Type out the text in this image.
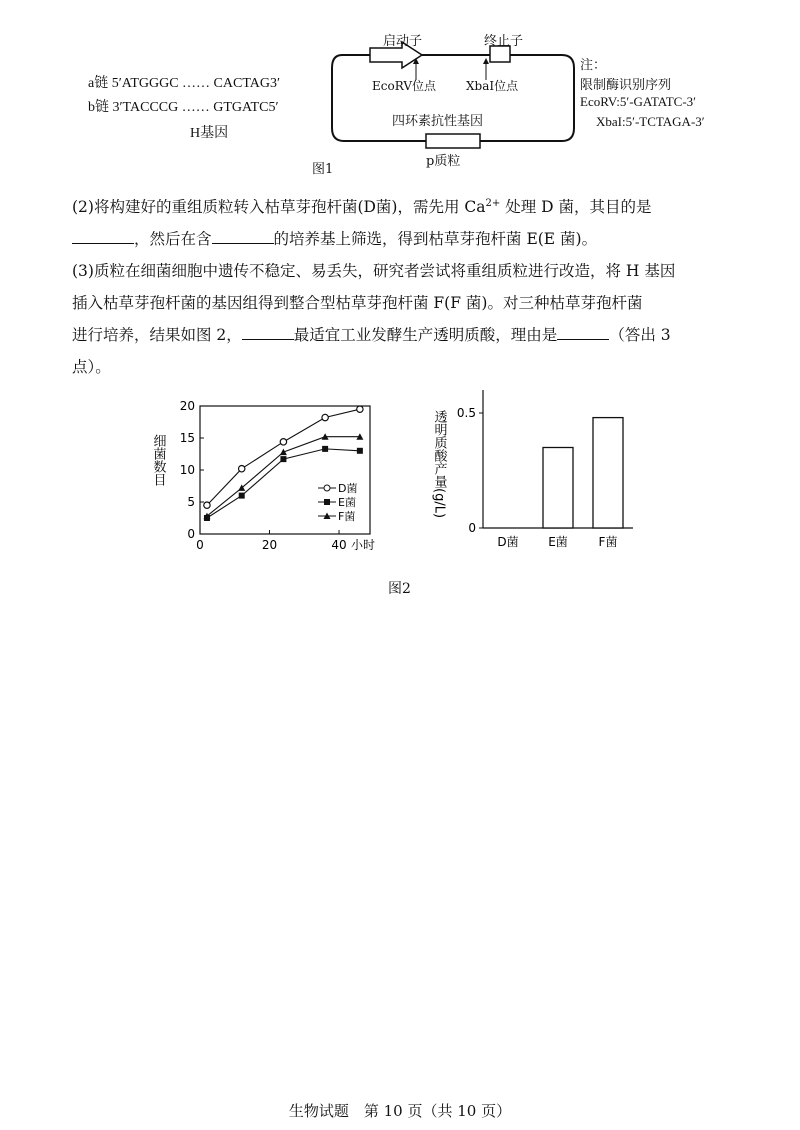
a链 5′ATGGGC …… CACTAG3′
b链 3′TACCCG …… GTGATC5′
H基因
启动子	终止子
EcoRV位点	XbaI位点
四环素抗性基因
p质粒
图1
注：
限制酶识别序列
EcoRV:5′-GATATC-3′
XbaI:5′-TCTAGA-3′

(2)将构建好的重组质粒转入枯草芽孢杆菌(D菌)，需先用 $Ca^{2+}$ 处理 D 菌，其目的是

，然后在含	的培养基上筛选，得到枯草芽孢杆菌 E(E 菌)。

(3)质粒在细菌细胞中遗传不稳定、易丢失，研究者尝试将重组质粒进行改造，将 H 基因

插入枯草芽孢杆菌的基因组得到整合型枯草芽孢杆菌 F(F 菌)。对三种枯草芽孢杆菌

进行培养，结果如图 2，	最适宜工业发酵生产透明质酸，理由是	（答出 3

点）。

0
5
10
15
20
0	20	40 小时
细菌数目
D菌
E菌
F菌
0
0.5
透明质酸产量(g/L)
D菌 E菌	F菌
图2
生物试题　第 10 页（共 10 页）
